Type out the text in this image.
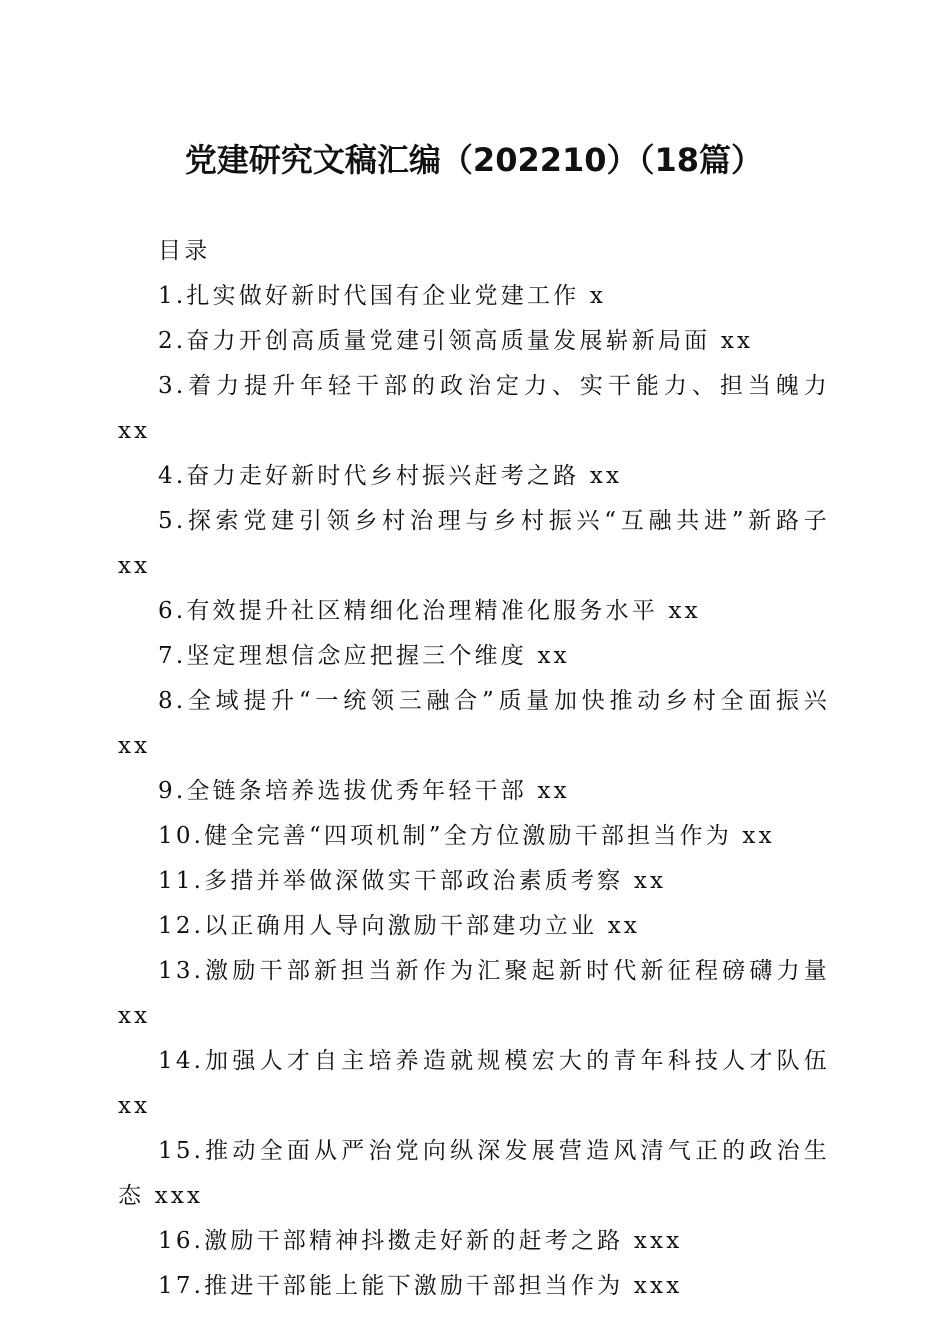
党建研究文稿汇编（202210）（18篇）
目录
1.扎实做好新时代国有企业党建工作 x
2.奋力开创高质量党建引领高质量发展崭新局面 xx
3.着力提升年轻干部的政治定力、实干能力、担当魄力 xx
4.奋力走好新时代乡村振兴赶考之路 xx
5.探索党建引领乡村治理与乡村振兴“互融共进”新路子 xx
6.有效提升社区精细化治理精准化服务水平 xx
7.坚定理想信念应把握三个维度 xx
8.全域提升“一统领三融合”质量加快推动乡村全面振兴 xx
9.全链条培养选拔优秀年轻干部 xx
10.健全完善“四项机制”全方位激励干部担当作为 xx
11.多措并举做深做实干部政治素质考察 xx
12.以正确用人导向激励干部建功立业 xx
13.激励干部新担当新作为汇聚起新时代新征程磅礴力量 xx
14.加强人才自主培养造就规模宏大的青年科技人才队伍 xx
15.推动全面从严治党向纵深发展营造风清气正的政治生态 xxx
16.激励干部精神抖擞走好新的赶考之路 xxx
17.推进干部能上能下激励干部担当作为 xxx
